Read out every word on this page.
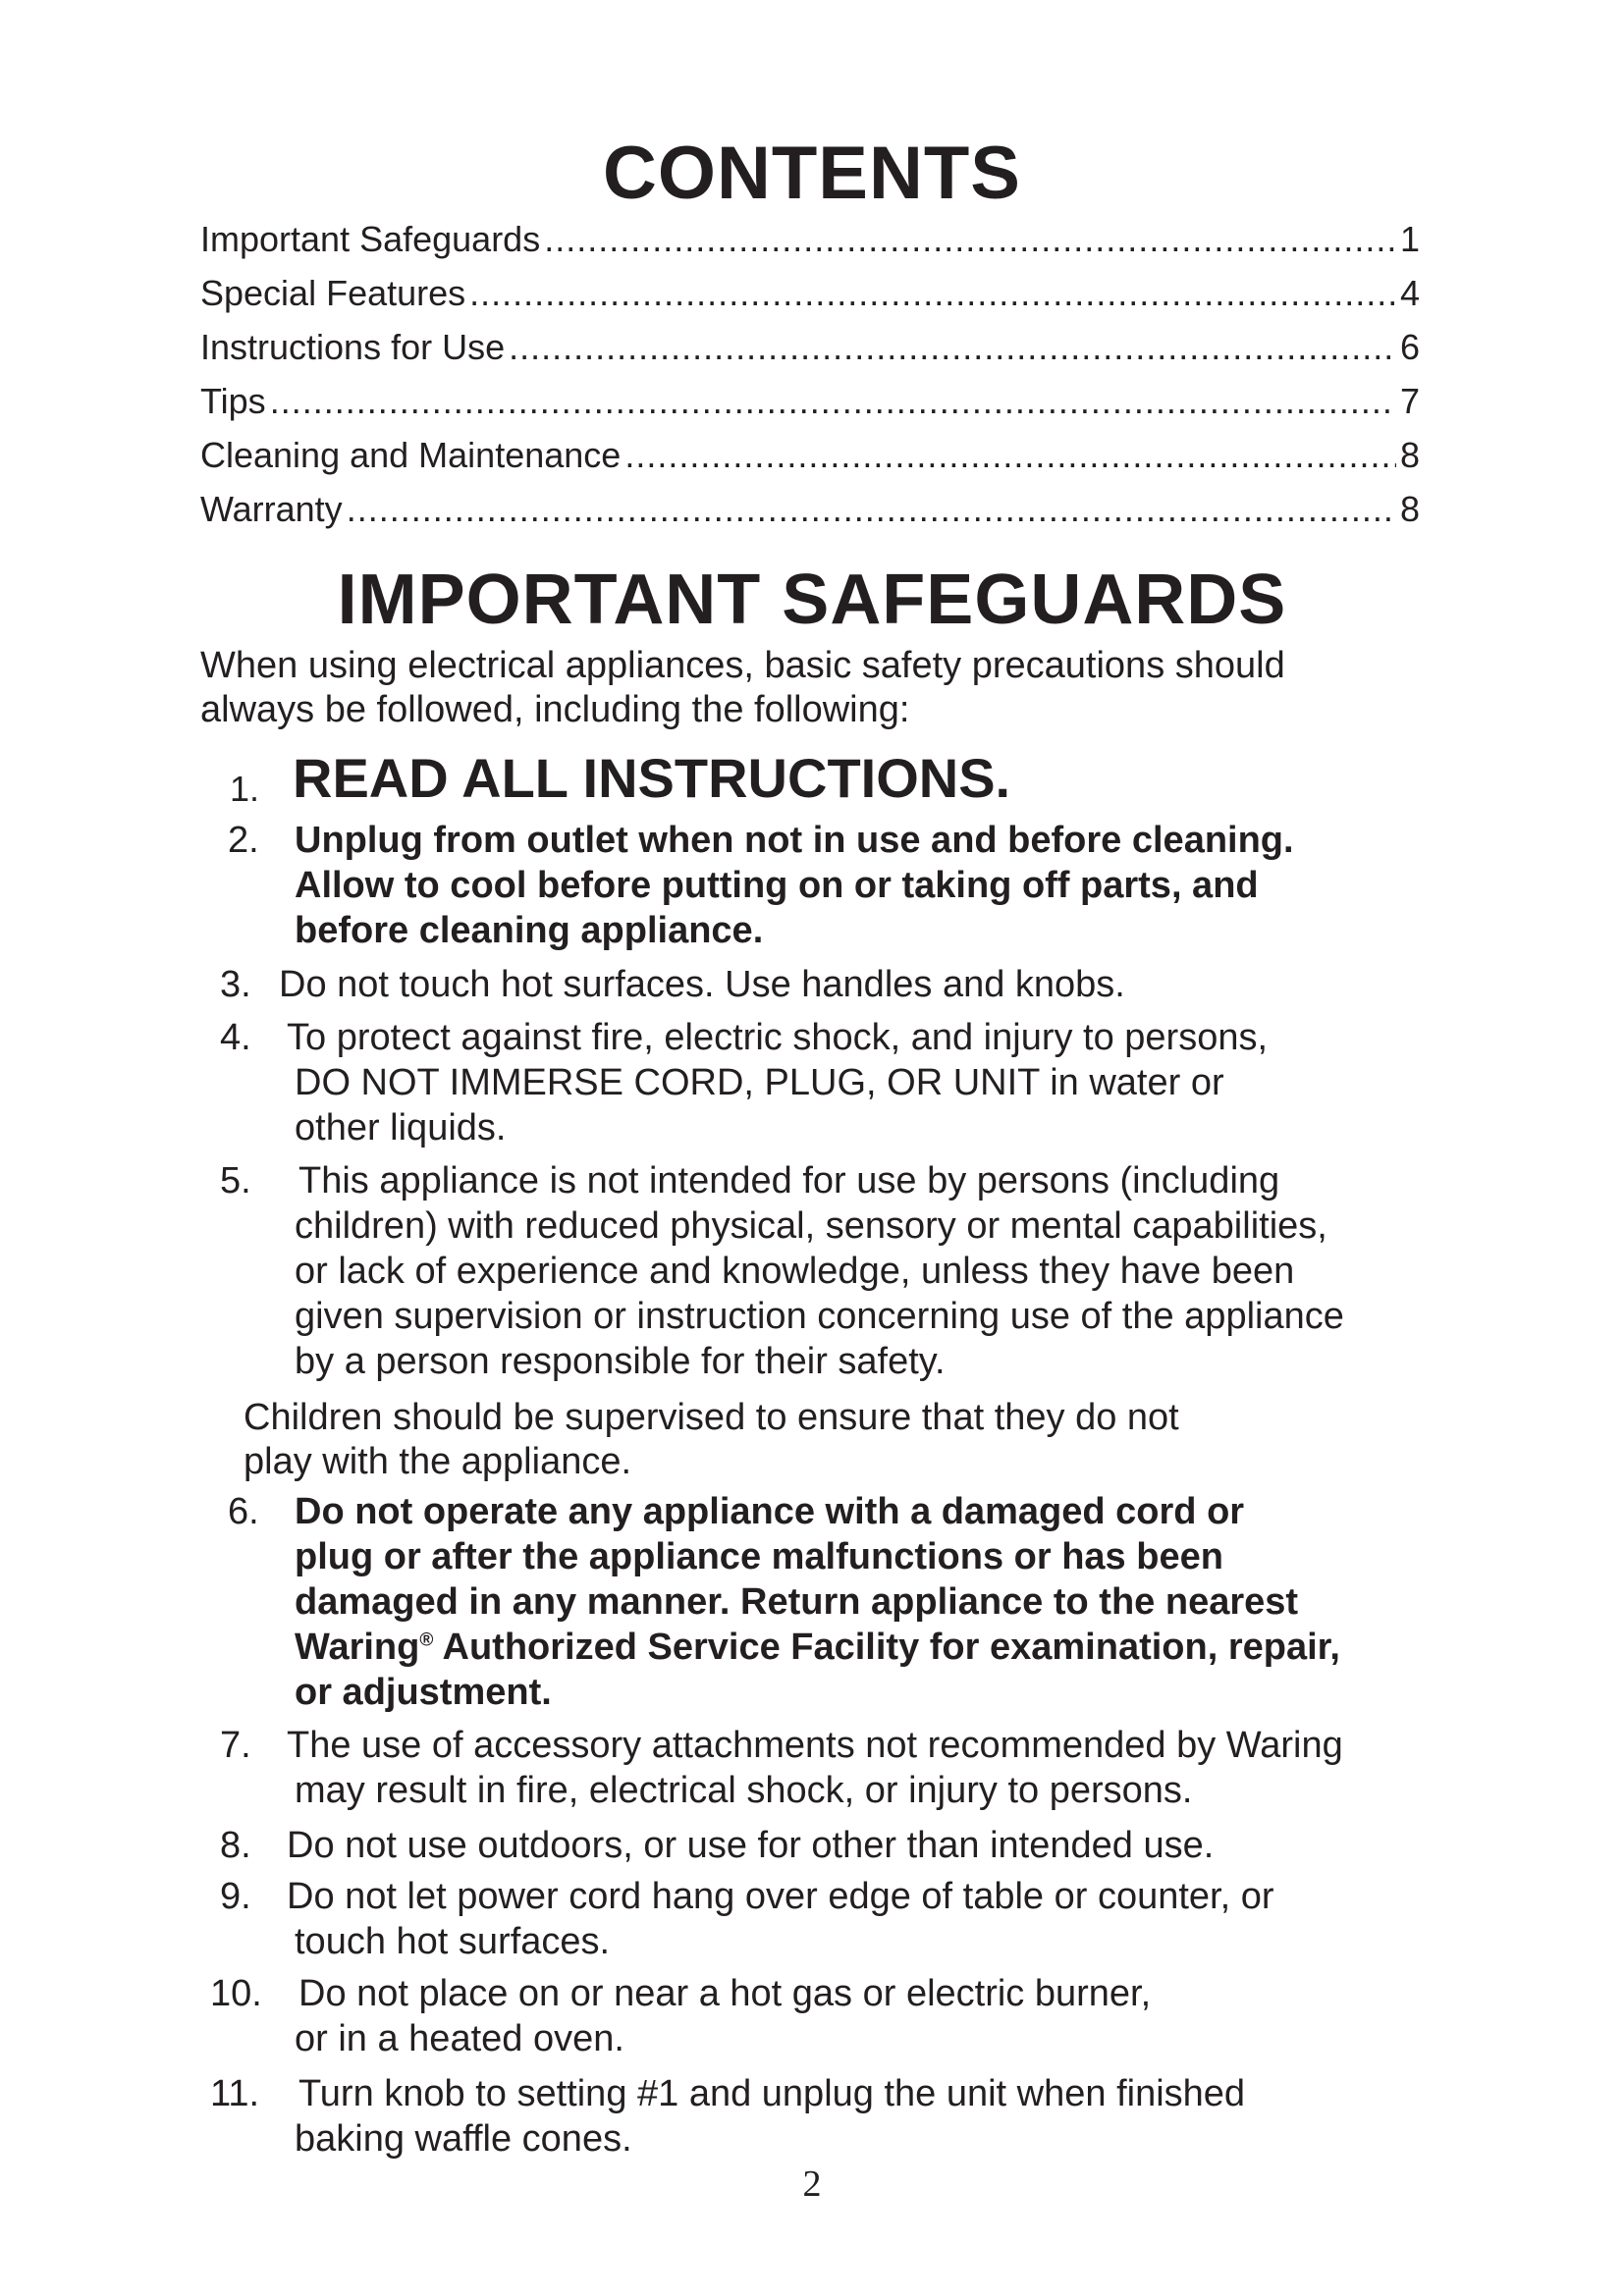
CONTENTS
Important Safeguards .....	1
Special Features .....	4
Instructions for Use .....	6
Tips .....	7
Cleaning and Maintenance .....	8
Warranty .....	8
IMPORTANT SAFEGUARDS
When using electrical appliances, basic safety precautions should
always be followed, including the following:
1. READ ALL INSTRUCTIONS.
2. Unplug from outlet when not in use and before cleaning.
Allow to cool before putting on or taking off parts, and
before cleaning appliance.
3. Do not touch hot surfaces. Use handles and knobs.
4. To protect against fire, electric shock, and injury to persons,
DO NOT IMMERSE CORD, PLUG, OR UNIT in water or
other liquids.
5. This appliance is not intended for use by persons (including
children) with reduced physical, sensory or mental capabilities,
or lack of experience and knowledge, unless they have been
given supervision or instruction concerning use of the appliance
by a person responsible for their safety.
Children should be supervised to ensure that they do not
play with the appliance.
6. Do not operate any appliance with a damaged cord or
plug or after the appliance malfunctions or has been
damaged in any manner. Return appliance to the nearest
Waring® Authorized Service Facility for examination, repair,
or adjustment.
7. The use of accessory attachments not recommended by Waring
may result in fire, electrical shock, or injury to persons.
8. Do not use outdoors, or use for other than intended use.
9. Do not let power cord hang over edge of table or counter, or
touch hot surfaces.
10. Do not place on or near a hot gas or electric burner,
or in a heated oven.
11. Turn knob to setting #1 and unplug the unit when finished
baking waffle cones.
2
